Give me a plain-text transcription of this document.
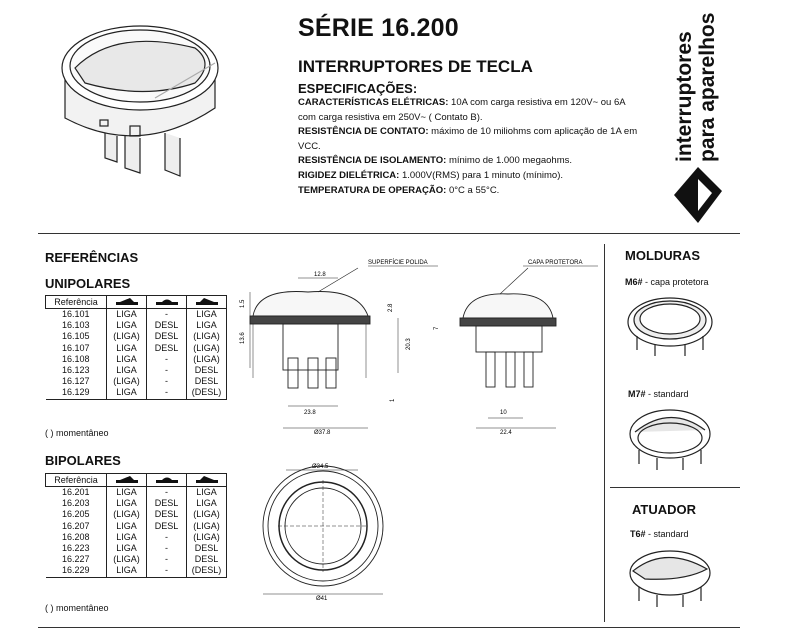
SÉRIE 16.200
INTERRUPTORES DE TECLA
ESPECIFICAÇÕES:
CARACTERÍSTICAS ELÉTRICAS: 10A com carga resistiva em 120V~ ou 6A com carga resistiva em 250V~ ( Contato B).
RESISTÊNCIA DE CONTATO: máximo de 10 miliohms com aplicação de 1A em VCC.
RESISTÊNCIA DE ISOLAMENTO: mínimo de 1.000 megaohms.
RIGIDEZ DIELÉTRICA: 1.000V(RMS) para 1 minuto (mínimo).
TEMPERATURA DE OPERAÇÃO: 0°C a 55°C.
interruptores para aparelhos
REFERÊNCIAS
UNIPOLARES
Referência			
16.101	LIGA	-	LIGA
16.103	LIGA	DESL	LIGA
16.105	(LIGA)	DESL	(LIGA)
16.107	LIGA	DESL	(LIGA)
16.108	LIGA	-	(LIGA)
16.123	LIGA	-	DESL
16.127	(LIGA)	-	DESL
16.129	LIGA	-	(DESL)
( ) momentâneo
BIPOLARES
Referência			
16.201	LIGA	-	LIGA
16.203	LIGA	DESL	LIGA
16.205	(LIGA)	DESL	(LIGA)
16.207	LIGA	DESL	(LIGA)
16.208	LIGA	-	(LIGA)
16.223	LIGA	-	DESL
16.227	(LIGA)	-	DESL
16.229	LIGA	-	(DESL)
( ) momentâneo
12.8
SUPERFÍCIE POLIDA	CAPA PROTETORA
1.5	2.8
13.6
20.3
7
1
23.8
Ø37.8
10
22.4
Ø34.5
Ø41
MOLDURAS
M6# - capa protetora
M7# - standard
ATUADOR
T6# - standard
